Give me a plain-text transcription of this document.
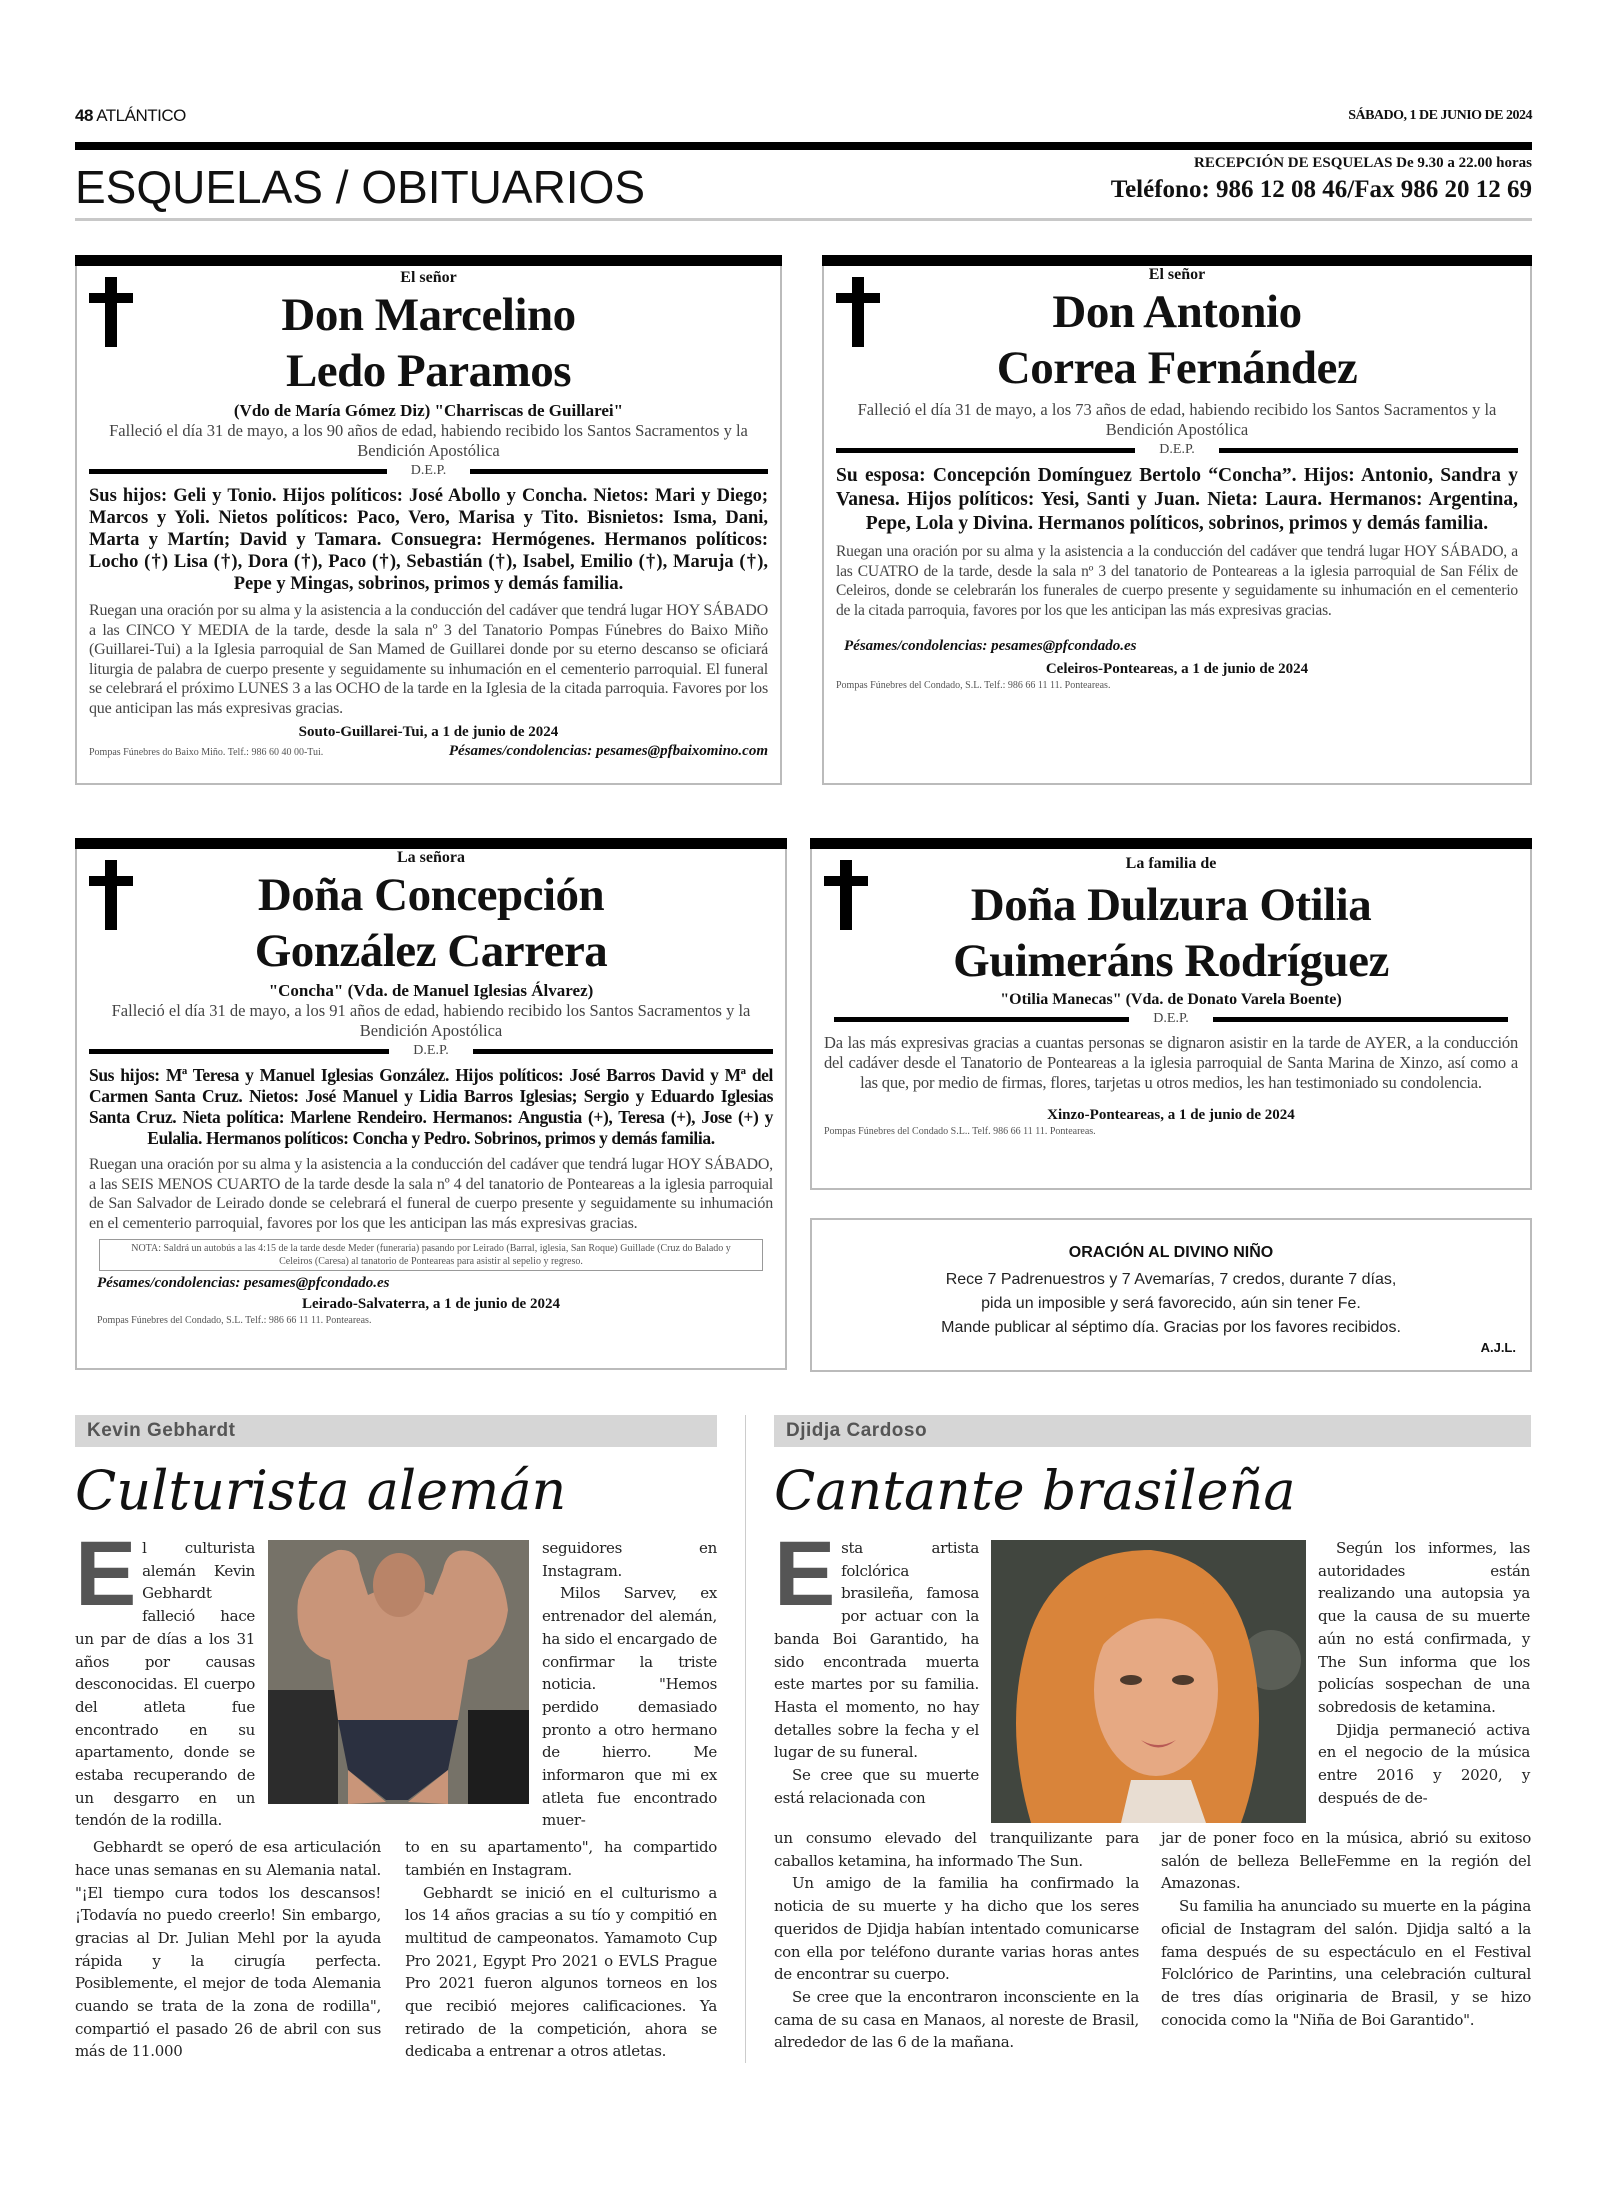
48 ATLÁNTICO	SÁBADO, 1 DE JUNIO DE 2024
ESQUELAS / OBITUARIOS	RECEPCIÓN DE ESQUELAS De 9.30 a 22.00 horas
Teléfono: 986 12 08 46/Fax 986 20 12 69
El señor
Don Marcelino
Ledo Paramos
(Vdo de María Gómez Diz) "Charriscas de Guillarei"
Falleció el día 31 de mayo, a los 90 años de edad, habiendo recibido los Santos Sacramentos y la Bendición Apostólica
D.E.P.
Sus hijos: Geli y Tonio. Hijos políticos: José Abollo y Concha. Nietos: Mari y Diego; Marcos y Yoli. Nietos políticos: Paco, Vero, Marisa y Tito. Bisnietos: Isma, Dani, Marta y Martín; David y Tamara. Consuegra: Hermógenes. Hermanos políticos: Locho (†) Lisa (†), Dora (†), Paco (†), Sebastián (†), Isabel, Emilio (†), Maruja (†), Pepe y Mingas, sobrinos, primos y demás familia.
Ruegan una oración por su alma y la asistencia a la conducción del cadáver que tendrá lugar HOY SÁBADO a las CINCO Y MEDIA de la tarde, desde la sala nº 3 del Tanatorio Pompas Fúnebres do Baixo Miño (Guillarei-Tui) a la Iglesia parroquial de San Mamed de Guillarei donde por su eterno descanso se oficiará liturgia de palabra de cuerpo presente y seguidamente su inhumación en el cementerio parroquial. El funeral se celebrará el próximo LUNES 3 a las OCHO de la tarde en la Iglesia de la citada parroquia. Favores por los que anticipan las más expresivas gracias.
Souto-Guillarei-Tui, a 1 de junio de 2024
Pompas Fúnebres do Baixo Miño. Telf.: 986 60 40 00-Tui.	Pésames/condolencias: pesames@pfbaixomino.com
El señor
Don Antonio
Correa Fernández
Falleció el día 31 de mayo, a los 73 años de edad, habiendo recibido los Santos Sacramentos y la Bendición Apostólica
D.E.P.
Su esposa: Concepción Domínguez Bertolo “Concha”. Hijos: Antonio, Sandra y Vanesa. Hijos políticos: Yesi, Santi y Juan. Nieta: Laura. Hermanos: Argentina, Pepe, Lola y Divina. Hermanos políticos, sobrinos, primos y demás familia.
Ruegan una oración por su alma y la asistencia a la conducción del cadáver que tendrá lugar HOY SÁBADO, a las CUATRO de la tarde, desde la sala nº 3 del tanatorio de Ponteareas a la iglesia parroquial de San Félix de Celeiros, donde se celebrarán los funerales de cuerpo presente y seguidamente su inhumación en el cementerio de la citada parroquia, favores por los que les anticipan las más expresivas gracias.
Pésames/condolencias: pesames@pfcondado.es
Celeiros-Ponteareas, a 1 de junio de 2024
Pompas Fúnebres del Condado, S.L. Telf.: 986 66 11 11. Ponteareas.
La señora
Doña Concepción
González Carrera
"Concha" (Vda. de Manuel Iglesias Álvarez)
Falleció el día 31 de mayo, a los 91 años de edad, habiendo recibido los Santos Sacramentos y la Bendición Apostólica
D.E.P.
Sus hijos: Mª Teresa y Manuel Iglesias González. Hijos políticos: José Barros David y Mª del Carmen Santa Cruz. Nietos: José Manuel y Lidia Barros Iglesias; Sergio y Eduardo Iglesias Santa Cruz. Nieta política: Marlene Rendeiro. Hermanos: Angustia (+), Teresa (+), Jose (+) y Eulalia. Hermanos políticos: Concha y Pedro. Sobrinos, primos y demás familia.
Ruegan una oración por su alma y la asistencia a la conducción del cadáver que tendrá lugar HOY SÁBADO, a las SEIS MENOS CUARTO de la tarde desde la sala nº 4 del tanatorio de Ponteareas a la iglesia parroquial de San Salvador de Leirado donde se celebrará el funeral de cuerpo presente y seguidamente su inhumación en el cementerio parroquial, favores por los que les anticipan las más expresivas gracias.
NOTA: Saldrá un autobús a las 4:15 de la tarde desde Meder (funeraria) pasando por Leirado (Barral, iglesia, San Roque) Guillade (Cruz do Balado y Celeiros (Caresa) al tanatorio de Ponteareas para asistir al sepelio y regreso.
Pésames/condolencias: pesames@pfcondado.es
Leirado-Salvaterra, a 1 de junio de 2024
Pompas Fúnebres del Condado, S.L. Telf.: 986 66 11 11. Ponteareas.
La familia de
Doña Dulzura Otilia
Guimeráns Rodríguez
"Otilia Manecas" (Vda. de Donato Varela Boente)
D.E.P.
Da las más expresivas gracias a cuantas personas se dignaron asistir en la tarde de AYER, a la conducción del cadáver desde el Tanatorio de Ponteareas a la iglesia parroquial de Santa Marina de Xinzo, así como a las que, por medio de firmas, flores, tarjetas u otros medios, les han testimoniado su condolencia.
Xinzo-Ponteareas, a 1 de junio de 2024
Pompas Fúnebres del Condado S.L.. Telf. 986 66 11 11. Ponteareas.
ORACIÓN AL DIVINO NIÑO
Rece 7 Padrenuestros y 7 Avemarías, 7 credos, durante 7 días,
pida un imposible y será favorecido, aún sin tener Fe.
Mande publicar al séptimo día. Gracias por los favores recibidos.
A.J.L.
Kevin Gebhardt
Culturista alemán

El culturista alemán Kevin Gebhardt falleció hace un par de días a los 31 años por causas desconocidas. El cuerpo del atleta fue encontrado en su apartamento, donde se estaba recuperando de un desgarro en un tendón de la rodilla.

seguidores en Instagram.

Milos Sarvev, ex entrenador del alemán, ha sido el encargado de confirmar la triste noticia. "Hemos perdido demasiado pronto a otro hermano de hierro. Me informaron que mi ex atleta fue encontrado muer-

Gebhardt se operó de esa articulación hace unas semanas en su Alemania natal. "¡El tiempo cura todos los descansos! ¡Todavía no puedo creerlo! Sin embargo, gracias al Dr. Julian Mehl por la ayuda rápida y la cirugía perfecta. Posiblemente, el mejor de toda Alemania cuando se trata de la zona de rodilla", compartió el pasado 26 de abril con sus más de 11.000

to en su apartamento", ha compartido también en Instagram.

Gebhardt se inició en el culturismo a los 14 años gracias a su tío y compitió en multitud de campeonatos. Yamamoto Cup Pro 2021, Egypt Pro 2021 o EVLS Prague Pro 2021 fueron algunos torneos en los que recibió mejores calificaciones. Ya retirado de la competición, ahora se dedicaba a entrenar a otros atletas.

Djidja Cardoso
Cantante brasileña

Esta artista folclórica brasileña, famosa por actuar con la banda Boi Garantido, ha sido encontrada muerta este martes por su familia. Hasta el momento, no hay detalles sobre la fecha y el lugar de su funeral.

Se cree que su muerte está relacionada con

Según los informes, las autoridades están realizando una autopsia ya que la causa de su muerte aún no está confirmada, y The Sun informa que los policías sospechan de una sobredosis de ketamina.

Djidja permaneció activa en el negocio de la música entre 2016 y 2020, y después de de-

un consumo elevado del tranquilizante para caballos ketamina, ha informado The Sun.

Un amigo de la familia ha confirmado la noticia de su muerte y ha dicho que los seres queridos de Djidja habían intentado comunicarse con ella por teléfono durante varias horas antes de encontrar su cuerpo.

Se cree que la encontraron inconsciente en la cama de su casa en Manaos, al noreste de Brasil, alrededor de las 6 de la mañana.

jar de poner foco en la música, abrió su exitoso salón de belleza BelleFemme en la región del Amazonas.

Su familia ha anunciado su muerte en la página oficial de Instagram del salón. Djidja saltó a la fama después de su espectáculo en el Festival Folclórico de Parintins, una celebración cultural de tres días originaria de Brasil, y se hizo conocida como la "Niña de Boi Garantido".
